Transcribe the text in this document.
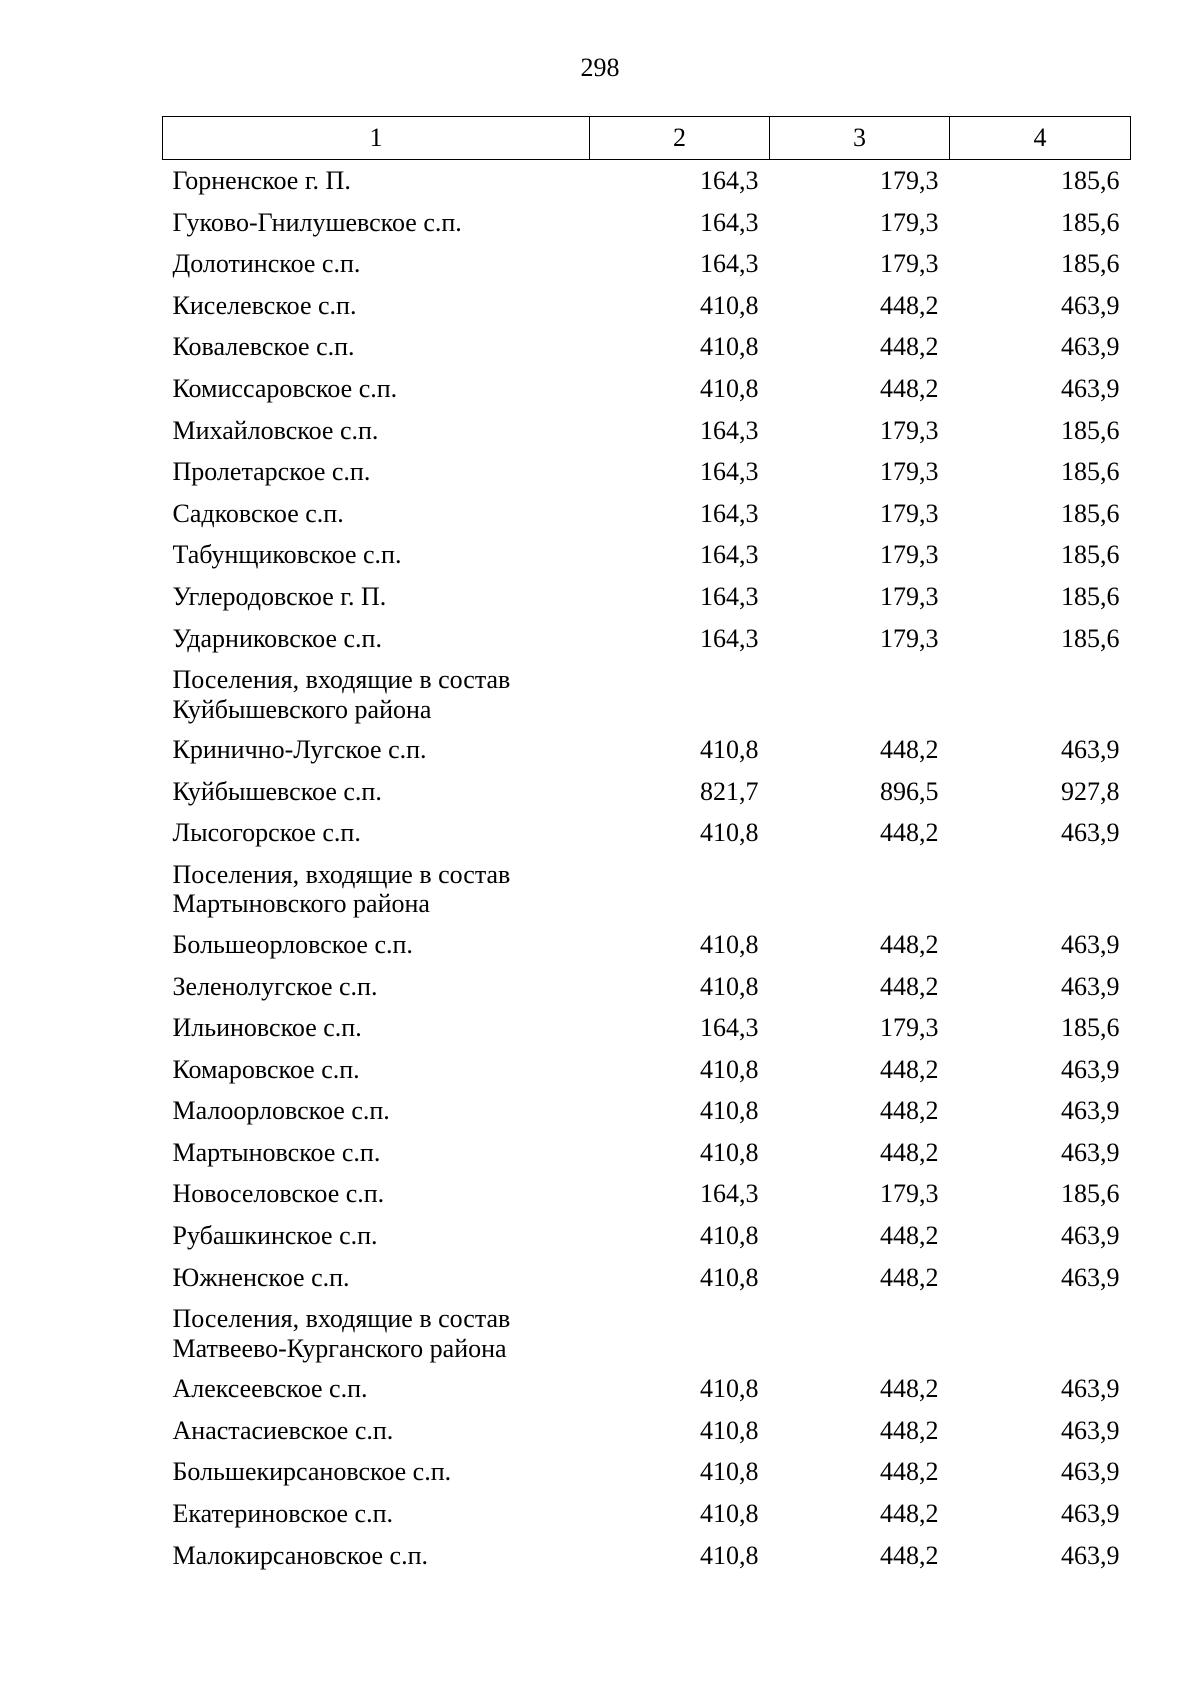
298
1	2	3	4
Горненское г. П.	164,3	179,3	185,6
Гуково-Гнилушевское с.п.	164,3	179,3	185,6
Долотинское с.п.	164,3	179,3	185,6
Киселевское с.п.	410,8	448,2	463,9
Ковалевское с.п.	410,8	448,2	463,9
Комиссаровское с.п.	410,8	448,2	463,9
Михайловское с.п.	164,3	179,3	185,6
Пролетарское с.п.	164,3	179,3	185,6
Садковское с.п.	164,3	179,3	185,6
Табунщиковское с.п.	164,3	179,3	185,6
Углеродовское г. П.	164,3	179,3	185,6
Ударниковское с.п.	164,3	179,3	185,6

Поселения, входящие в состав
Куйбышевского района			

Кринично-Лугское с.п.	410,8	448,2	463,9
Куйбышевское с.п.	821,7	896,5	927,8
Лысогорское с.п.	410,8	448,2	463,9

Поселения, входящие в состав
Мартыновского района			

Большеорловское с.п.	410,8	448,2	463,9
Зеленолугское с.п.	410,8	448,2	463,9
Ильиновское с.п.	164,3	179,3	185,6
Комаровское с.п.	410,8	448,2	463,9
Малоорловское с.п.	410,8	448,2	463,9
Мартыновское с.п.	410,8	448,2	463,9
Новоселовское с.п.	164,3	179,3	185,6
Рубашкинское с.п.	410,8	448,2	463,9
Южненское с.п.	410,8	448,2	463,9

Поселения, входящие в состав
Матвеево-Курганского района			

Алексеевское с.п.	410,8	448,2	463,9
Анастасиевское с.п.	410,8	448,2	463,9
Большекирсановское с.п.	410,8	448,2	463,9
Екатериновское с.п.	410,8	448,2	463,9
Малокирсановское с.п.	410,8	448,2	463,9
